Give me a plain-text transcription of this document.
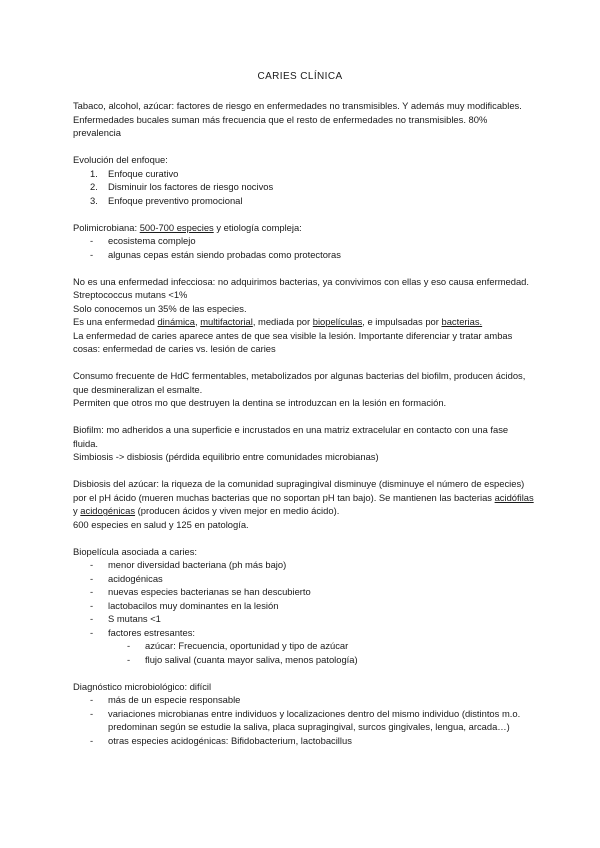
CARIES CLÍNICA

Tabaco, alcohol, azúcar: factores de riesgo en enfermedades no transmisibles. Y además muy modificables.

Enfermedades bucales suman más frecuencia que el resto de enfermedades no transmisibles. 80% prevalencia

Evolución del enfoque:

1. Enfoque curativo
2. Disminuir los factores de riesgo nocivos
3. Enfoque preventivo promocional

Polimicrobiana: 500-700 especies y etiología compleja:

- ecosistema complejo
- algunas cepas están siendo probadas como protectoras

No es una enfermedad infecciosa: no adquirimos bacterias, ya convivimos con ellas y eso causa enfermedad. Streptococcus mutans <1%

Solo conocemos un 35% de las especies.

Es una enfermedad dinámica, multifactorial, mediada por biopelículas, e impulsadas por bacterias.

La enfermedad de caries aparece antes de que sea visible la lesión. Importante diferenciar y tratar ambas cosas: enfermedad de caries vs. lesión de caries

Consumo frecuente de HdC fermentables, metabolizados por algunas bacterias del biofilm, producen ácidos, que desmineralizan el esmalte.

Permiten que otros mo que destruyen la dentina se introduzcan en la lesión en formación.

Biofilm: mo adheridos a una superficie e incrustados en una matriz extracelular en contacto con una fase fluida.

Simbiosis -> disbiosis (pérdida equilibrio entre comunidades microbianas)

Disbiosis del azúcar: la riqueza de la comunidad supragingival disminuye (disminuye el número de especies) por el pH ácido (mueren muchas bacterias que no soportan pH tan bajo). Se mantienen las bacterias acidófilas y acidogénicas (producen ácidos y viven mejor en medio ácido).

600 especies en salud y 125 en patología.

Biopelícula asociada a caries:

- menor diversidad bacteriana (ph más bajo)
- acidogénicas
- nuevas especies bacterianas se han descubierto
- lactobacilos muy dominantes en la lesión
- S mutans <1
- factores estresantes:
- azúcar: Frecuencia, oportunidad y tipo de azúcar
- flujo salival (cuanta mayor saliva, menos patología)

Diagnóstico microbiológico: difícil

- más de un especie responsable
- variaciones microbianas entre individuos y localizaciones dentro del mismo individuo (distintos m.o. predominan según se estudie la saliva, placa supragingival, surcos gingivales, lengua, arcada…)
- otras especies acidogénicas: Bifidobacterium, lactobacillus
